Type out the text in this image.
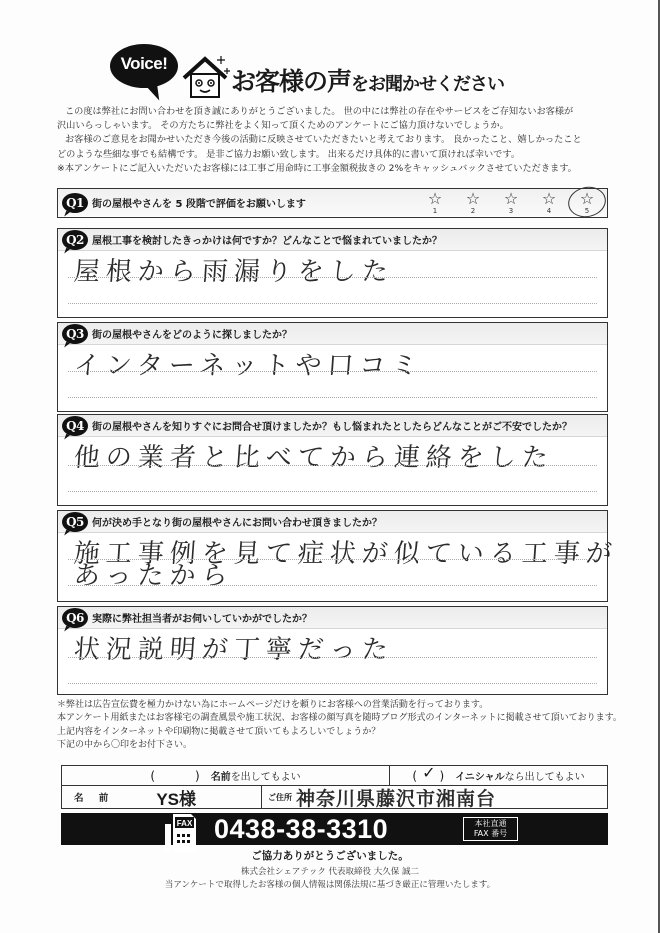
Voice!
お客様の声をお聞かせください

この度は弊社にお問い合わせを頂き誠にありがとうございました。 世の中には弊社の存在やサービスをご存知ないお客様が

沢山いらっしゃいます。 その方たちに弊社をよく知って頂くためのアンケートにご協力頂けないでしょうか。

お客様のご意見をお聞かせいただき今後の活動に反映させていただきたいと考えております。 良かったこと、嬉しかったこと

どのような些細な事でも結構です。 是非ご協力お願い致します。 出来るだけ具体的に書いて頂ければ幸いです。

※本アンケートにご記入いただいたお客様には工事ご用命時に工事金額税抜きの 2%をキャッシュバックさせていただきます。

Q1 街の屋根やさんを 5 段階で評価をお願いします	☆
1
☆
2
☆
3
☆
4
☆
5
Q2 屋根工事を検討したきっかけは何ですか？どんなことで悩まれていましたか？
屋根から雨漏りをした
Q3 街の屋根やさんをどのように探しましたか？
インターネットや口コミ
Q4 街の屋根やさんを知りすぐにお問合せ頂けましたか？もし悩まれたとしたらどんなことがご不安でしたか？
他の業者と比べてから連絡をした
Q5 何が決め手となり街の屋根やさんにお問い合わせ頂きましたか？
施工事例を見て症状が似ている工事が
あったから
Q6 実際に弊社担当者がお伺いしていかがでしたか？
状況説明が丁寧だった

＊弊社は広告宣伝費を極力かけない為にホームページだけを頼りにお客様への営業活動を行っております。

本アンケート用紙またはお客様宅の調査風景や施工状況、お客様の顔写真を随時ブログ形式のインターネットに掲載させて頂いております。

上記内容をインターネットや印刷物に掲載させて頂いてもよろしいでしょうか？

下記の中から〇印をお付下さい。

(　　　) 名前 を出してもよい	( ✓ ) イニシャル なら出してもよい
名 前 YS様	ご住所 神奈川県藤沢市湘南台
FAX 0438-38-3310	本社直通
FAX 番号
ご協力ありがとうございました。
株式会社シェアテック 代表取締役 大久保 誠二
当アンケートで取得したお客様の個人情報は関係法規に基づき厳正に管理いたします。
